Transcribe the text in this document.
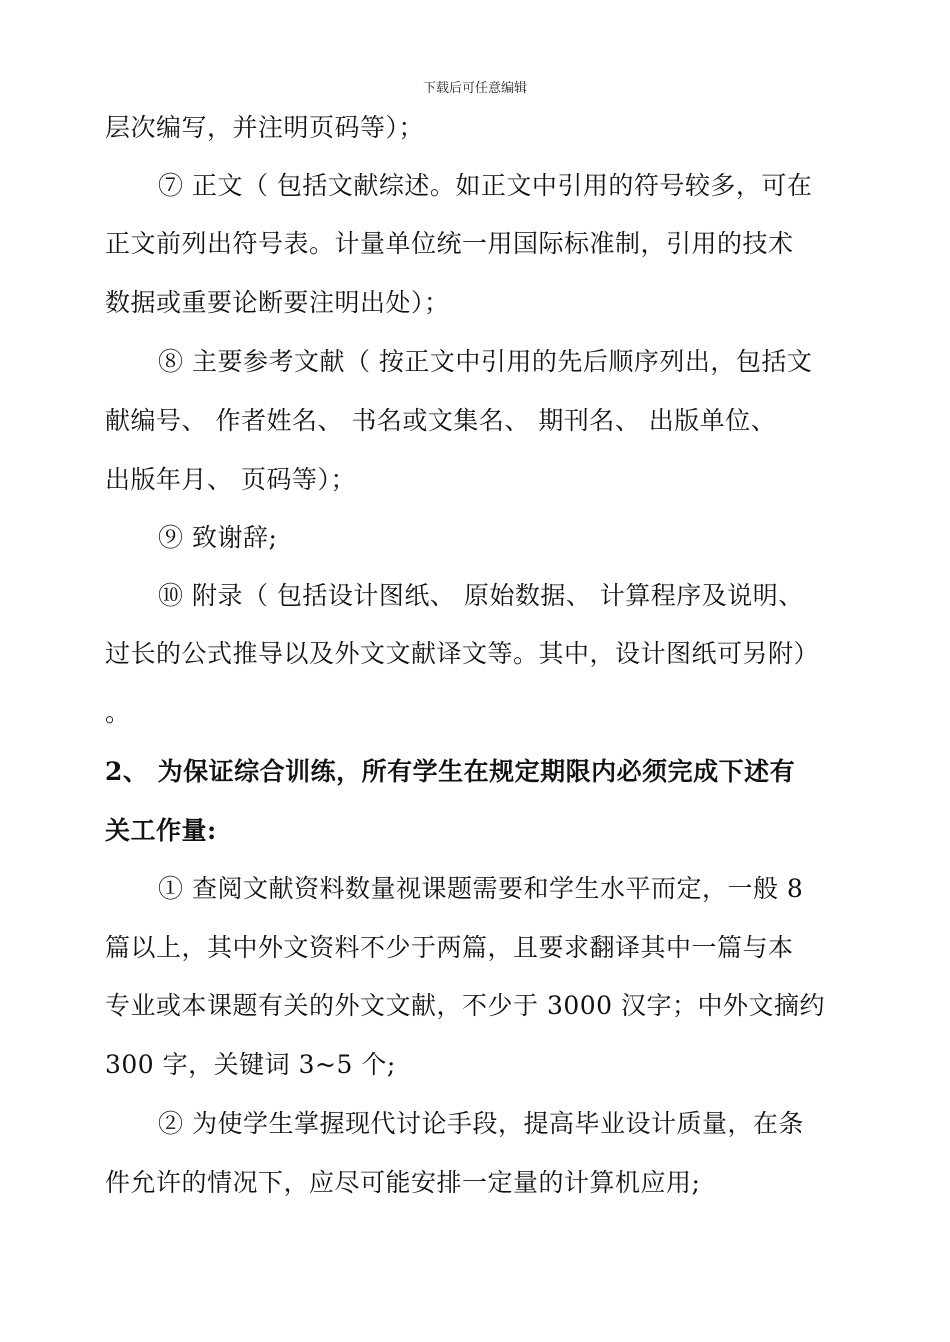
下载后可任意编辑
层次编写，并注明页码等）；
⑦ 正文（ 包括文献综述。如正文中引用的符号较多，可在
正文前列出符号表。计量单位统一用国际标准制，引用的技术
数据或重要论断要注明出处）；
⑧ 主要参考文献（ 按正文中引用的先后顺序列出，包括文
献编号、 作者姓名、 书名或文集名、 期刊名、 出版单位、
出版年月、 页码等）；
⑨ 致谢辞;
⑩ 附录（ 包括设计图纸、 原始数据、 计算程序及说明、
过长的公式推导以及外文文献译文等。其中，设计图纸可另附）
。
2、 为保证综合训练，所有学生在规定期限内必须完成下述有
关工作量:
① 查阅文献资料数量视课题需要和学生水平而定，一般 8
篇以上，其中外文资料不少于两篇，且要求翻译其中一篇与本
专业或本课题有关的外文文献，不少于 3000 汉字；中外文摘约
300 字，关键词 3~5 个;
② 为使学生掌握现代讨论手段，提高毕业设计质量，在条
件允许的情况下，应尽可能安排一定量的计算机应用;
